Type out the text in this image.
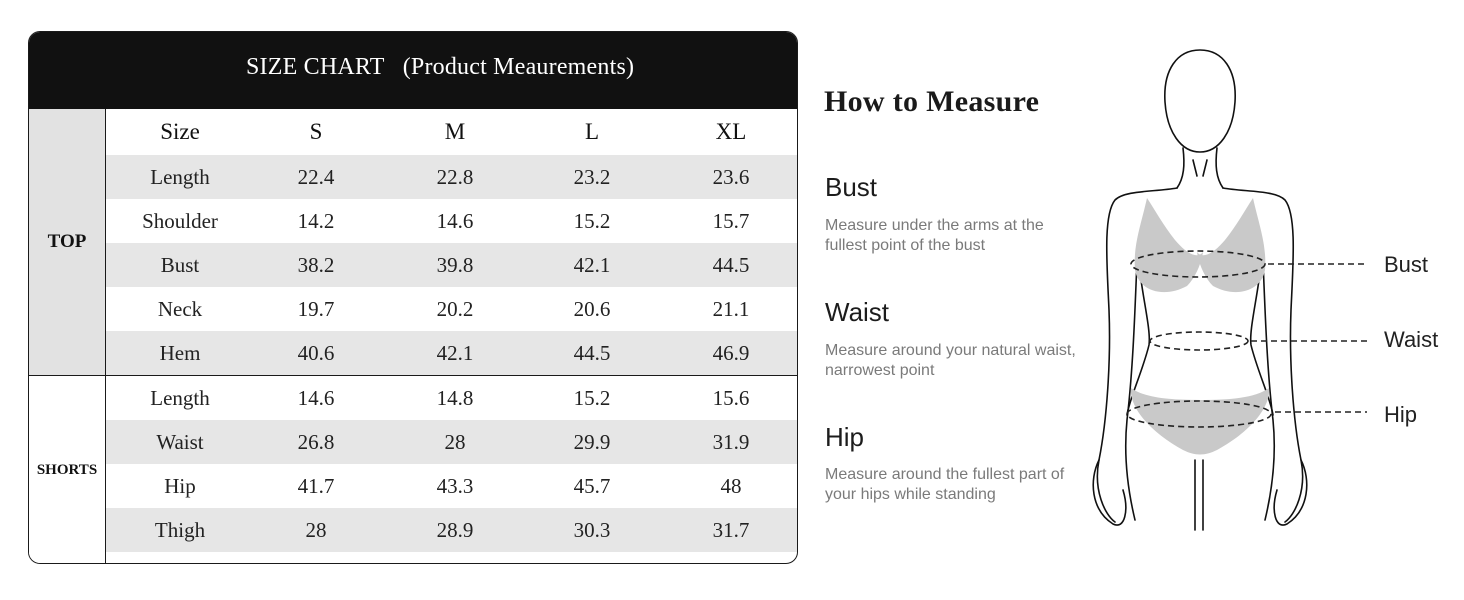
SIZE CHART   (Product Meaurements)
TOP
SHORTS
Size	S	M	L	XL
Length	22.4	22.8	23.2	23.6
Shoulder	14.2	14.6	15.2	15.7
Bust	38.2	39.8	42.1	44.5
Neck	19.7	20.2	20.6	21.1
Hem	40.6	42.1	44.5	46.9
Length	14.6	14.8	15.2	15.6
Waist	26.8	28	29.9	31.9
Hip	41.7	43.3	45.7	48
Thigh	28	28.9	30.3	31.7
How to Measure
Bust
Measure under the arms at the fullest point of the bust
Waist
Measure around your natural waist, narrowest point
Hip
Measure around the fullest part of your hips while standing
Bust
Waist
Hip
